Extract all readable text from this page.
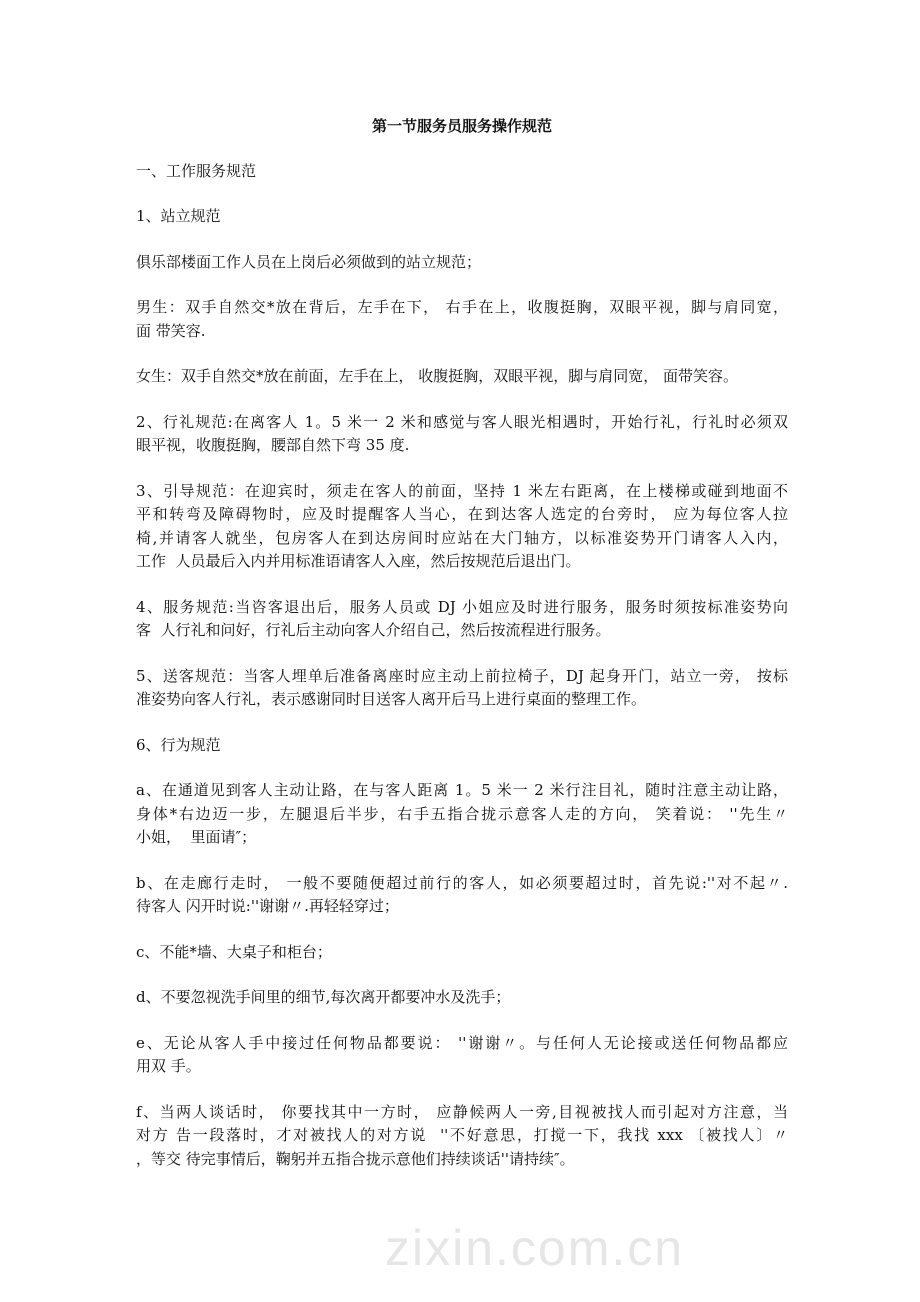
zixin.com.cn
第一节服务员服务操作规范
一、工作服务规范
1、站立规范
俱乐部楼面工作人员在上岗后必须做到的站立规范；
男生：双手自然交*放在背后，左手在下， 右手在上，收腹挺胸，双眼平视，脚与肩同宽，
面 带笑容.
女生：双手自然交*放在前面，左手在上， 收腹挺胸，双眼平视，脚与肩同宽， 面带笑容。
2、行礼规范:在离客人 1。5 米一 2 米和感觉与客人眼光相遇时，开始行礼，行礼时必须双
眼平视，收腹挺胸，腰部自然下弯 35 度.
3、引导规范：在迎宾时，须走在客人的前面，坚持 1 米左右距离，在上楼梯或碰到地面不
平和转弯及障碍物时，应及时提醒客人当心，在到达客人选定的台旁时， 应为每位客人拉
椅,并请客人就坐，包房客人在到达房间时应站在大门轴方，以标准姿势开门请客人入内，
工作  人员最后入内并用标准语请客人入座，然后按规范后退出门。
4、服务规范:当咨客退出后，服务人员或 DJ 小姐应及时进行服务，服务时须按标准姿势向
客  人行礼和问好，行礼后主动向客人介绍自己，然后按流程进行服务。
5、送客规范：当客人埋单后准备离座时应主动上前拉椅子，DJ 起身开门，站立一旁， 按标
准姿势向客人行礼，表示感谢同时目送客人离开后马上进行桌面的整理工作。
6、行为规范
a、在通道见到客人主动让路，在与客人距离 1。5 米一 2 米行注目礼，随时注意主动让路，
身体*右边迈一步，左腿退后半步，右手五指合拢示意客人走的方向， 笑着说： ''先生〃
小姐，  里面请″；
b、在走廊行走时， 一般不要随便超过前行的客人，如必须要超过时，首先说:''对不起〃.
待客人 闪开时说:''谢谢〃.再轻轻穿过；
c、不能*墙、大桌子和柜台；
d、不要忽视洗手间里的细节,每次离开都要冲水及洗手；
e、无论从客人手中接过任何物品都要说： ''谢谢〃。与任何人无论接或送任何物品都应
用双 手。
f、当两人谈话时， 你要找其中一方时， 应静候两人一旁,目视被找人而引起对方注意，当
对方 告一段落时，才对被找人的对方说  ''不好意思，打搅一下，我找 xxx 〔被找人〕〃
，等交 待完事情后，鞠躬并五指合拢示意他们持续谈话''请持续″。
